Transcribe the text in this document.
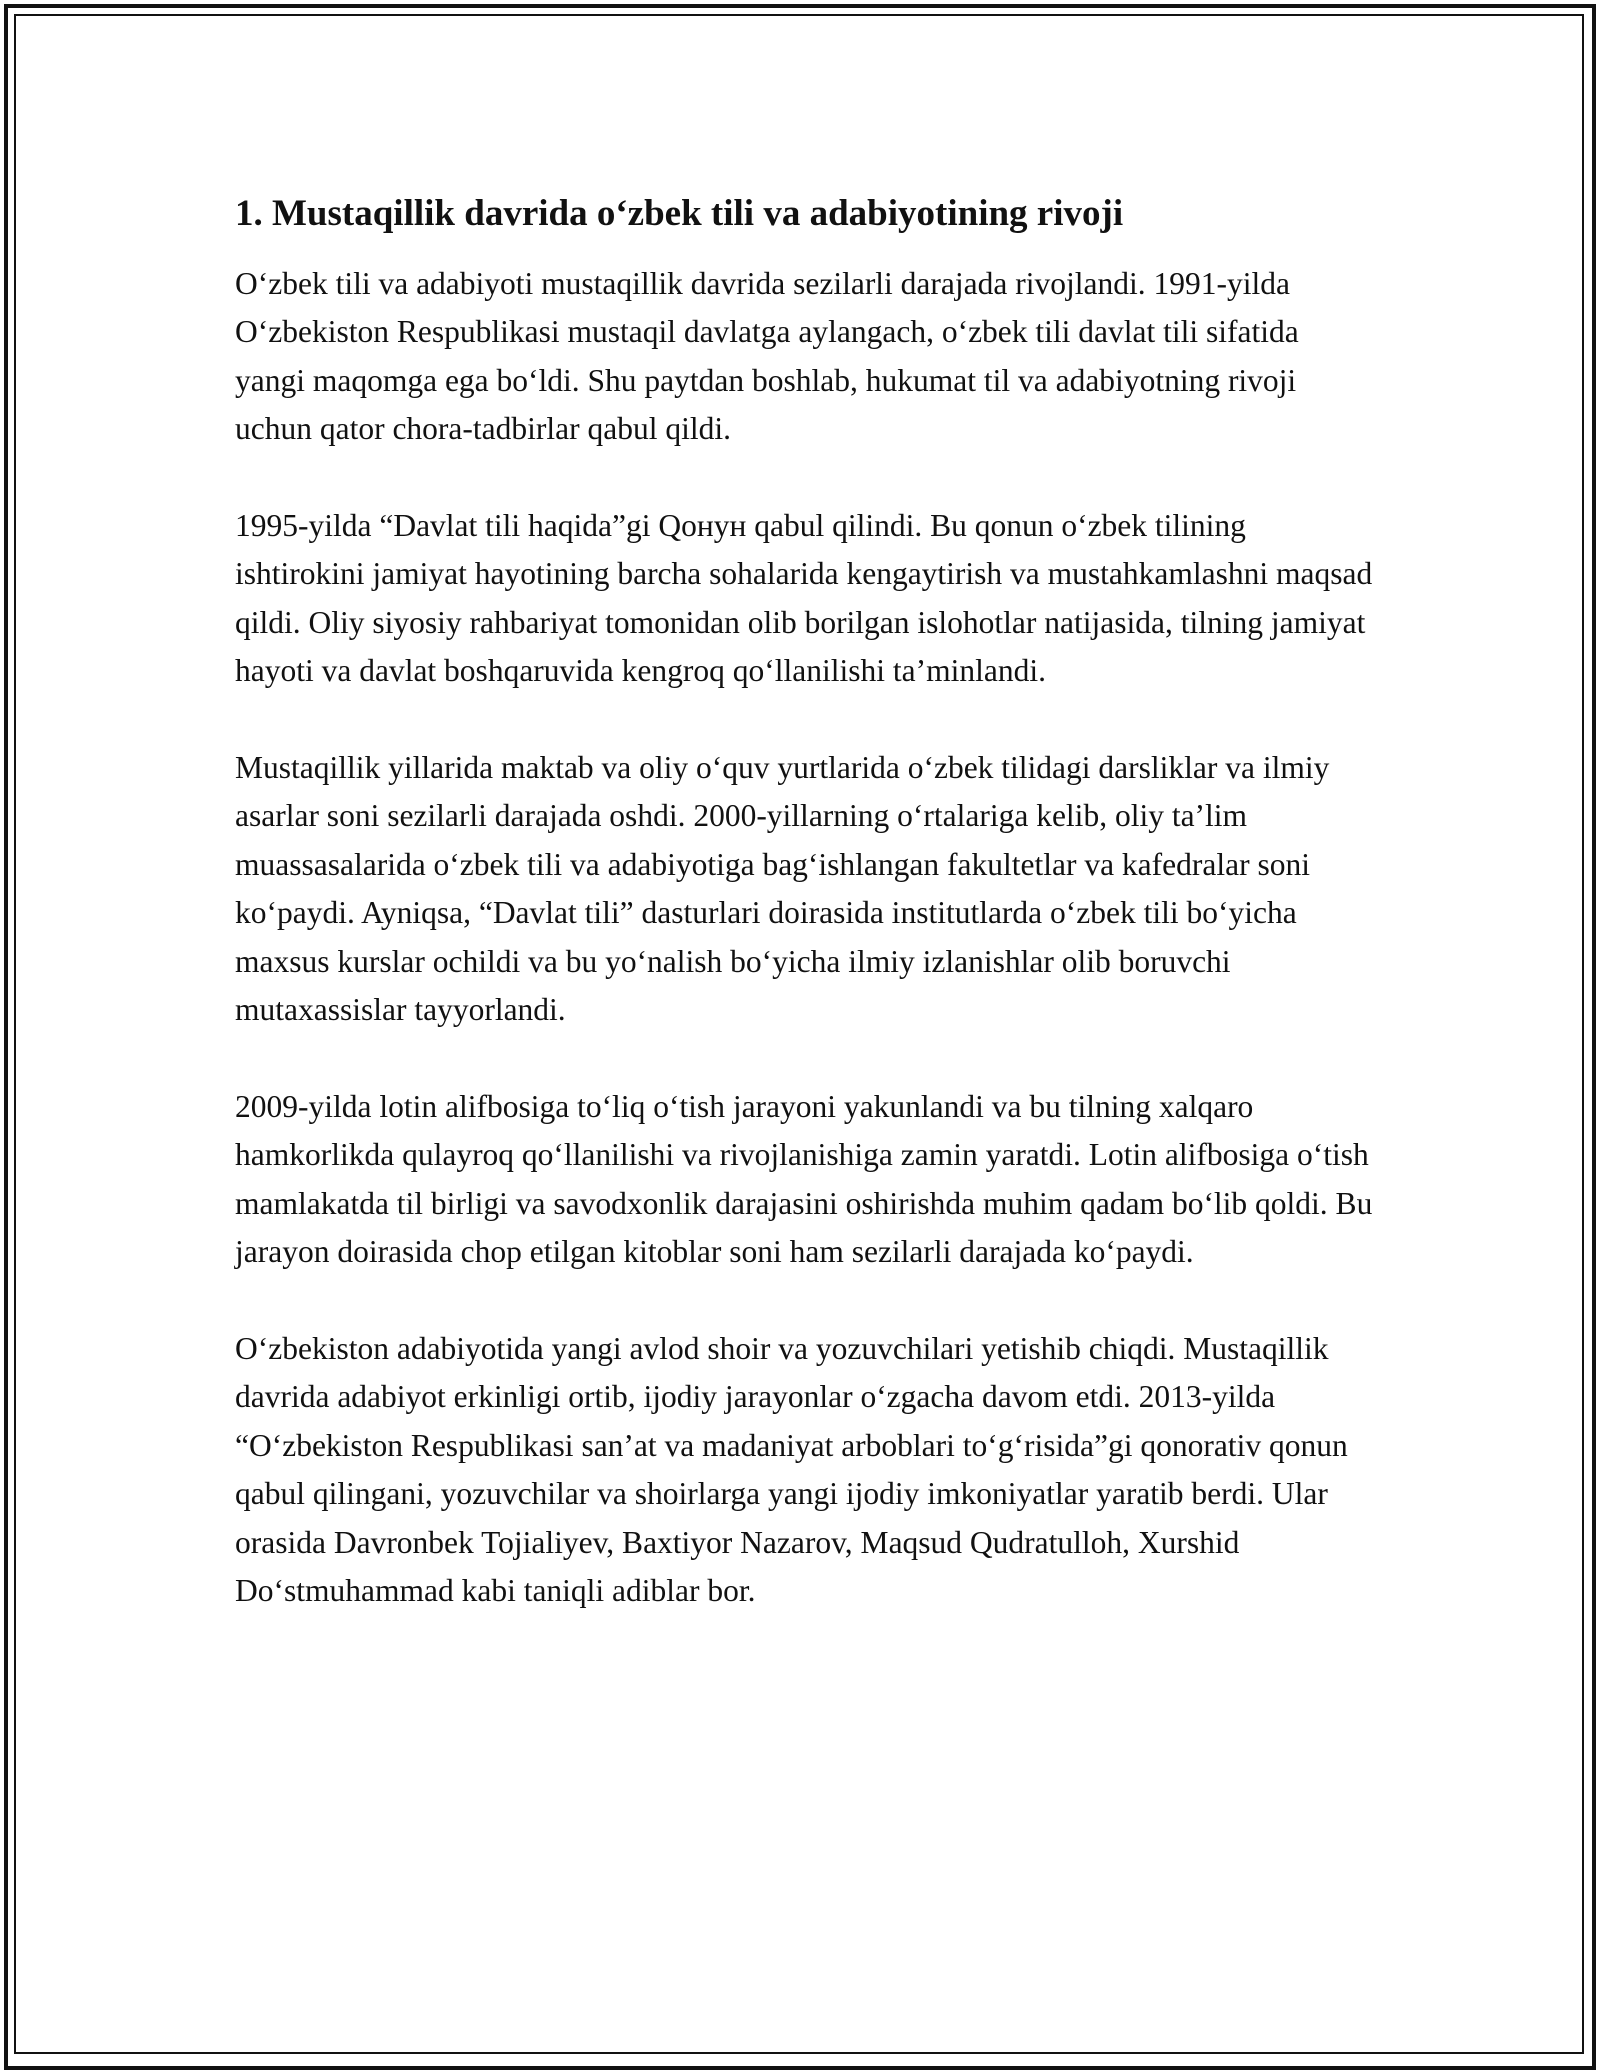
1. Mustaqillik davrida o‘zbek tili va adabiyotining rivoji

O‘zbek tili va adabiyoti mustaqillik davrida sezilarli darajada rivojlandi. 1991-yilda O‘zbekiston Respublikasi mustaqil davlatga aylangach, o‘zbek tili davlat tili sifatida yangi maqomga ega bo‘ldi. Shu paytdan boshlab, hukumat til va adabiyotning rivoji uchun qator chora-tadbirlar qabul qildi.

1995-yilda “Davlat tili haqida”gi Qонун qabul qilindi. Bu qonun o‘zbek tilining ishtirokini jamiyat hayotining barcha sohalarida kengaytirish va mustahkamlashni maqsad qildi. Oliy siyosiy rahbariyat tomonidan olib borilgan islohotlar natijasida, tilning jamiyat hayoti va davlat boshqaruvida kengroq qo‘llanilishi ta’minlandi.

Mustaqillik yillarida maktab va oliy o‘quv yurtlarida o‘zbek tilidagi darsliklar va ilmiy asarlar soni sezilarli darajada oshdi. 2000-yillarning o‘rtalariga kelib, oliy ta’lim muassasalarida o‘zbek tili va adabiyotiga bag‘ishlangan fakultetlar va kafedralar soni ko‘paydi. Ayniqsa, “Davlat tili” dasturlari doirasida institutlarda o‘zbek tili bo‘yicha maxsus kurslar ochildi va bu yo‘nalish bo‘yicha ilmiy izlanishlar olib boruvchi mutaxassislar tayyorlandi.

2009-yilda lotin alifbosiga to‘liq o‘tish jarayoni yakunlandi va bu tilning xalqaro hamkorlikda qulayroq qo‘llanilishi va rivojlanishiga zamin yaratdi. Lotin alifbosiga o‘tish mamlakatda til birligi va savodxonlik darajasini oshirishda muhim qadam bo‘lib qoldi. Bu jarayon doirasida chop etilgan kitoblar soni ham sezilarli darajada ko‘paydi.

O‘zbekiston adabiyotida yangi avlod shoir va yozuvchilari yetishib chiqdi. Mustaqillik davrida adabiyot erkinligi ortib, ijodiy jarayonlar o‘zgacha davom etdi. 2013-yilda “O‘zbekiston Respublikasi san’at va madaniyat arboblari to‘g‘risida”gi qonorativ qonun qabul qilingani, yozuvchilar va shoirlarga yangi ijodiy imkoniyatlar yaratib berdi. Ular orasida Davronbek Tojialiyev, Baxtiyor Nazarov, Maqsud Qudratulloh, Xurshid Do‘stmuhammad kabi taniqli adiblar bor.
